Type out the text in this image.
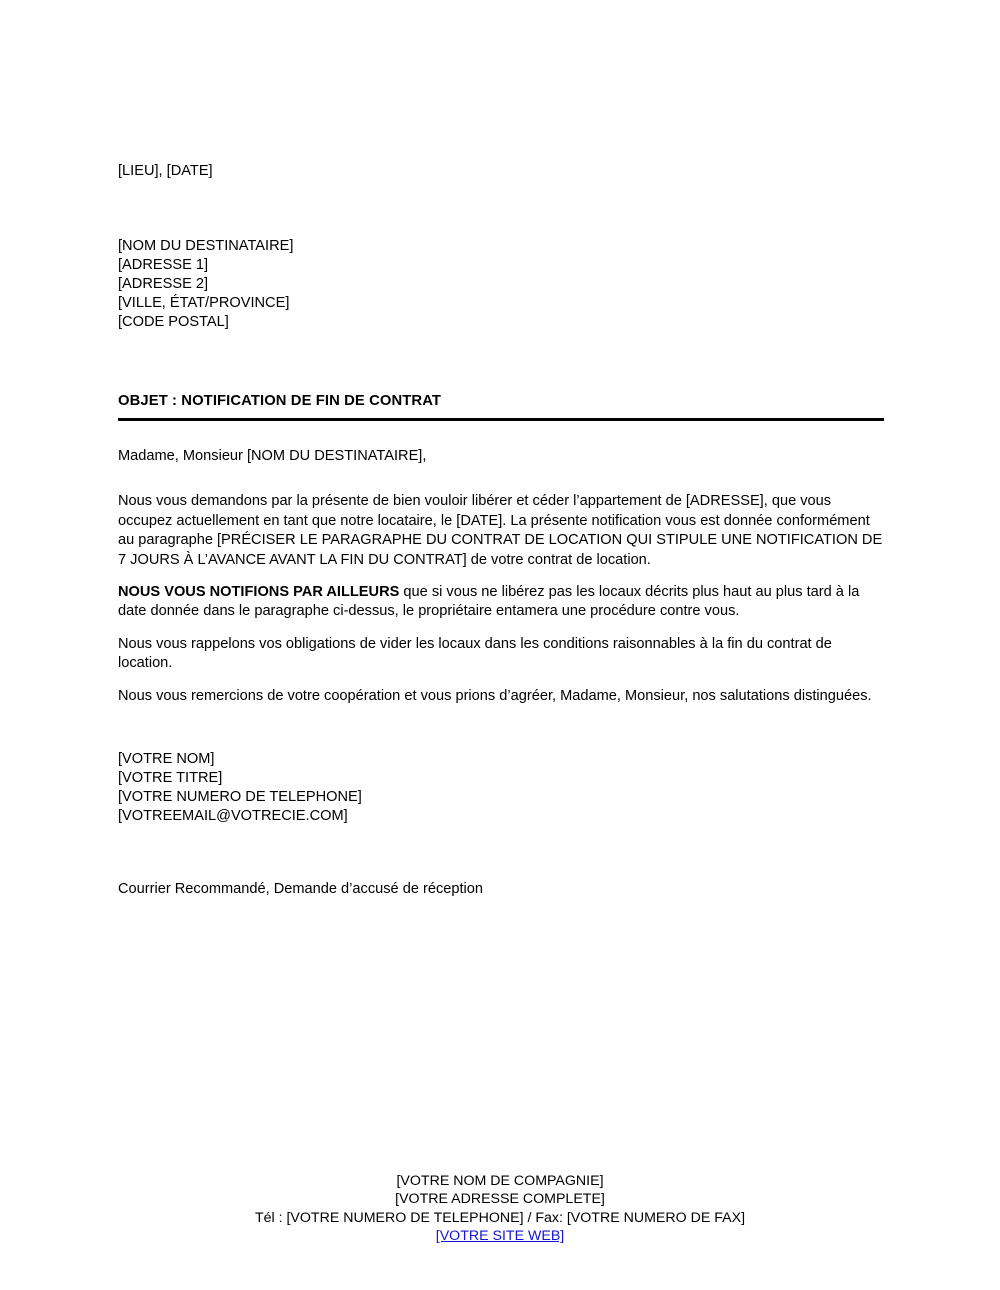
[LIEU], [DATE]
[NOM DU DESTINATAIRE]
[ADRESSE 1]
[ADRESSE 2]
[VILLE, ÉTAT/PROVINCE]
[CODE POSTAL]
OBJET : NOTIFICATION DE FIN DE CONTRAT
Madame, Monsieur [NOM DU DESTINATAIRE],

Nous vous demandons par la présente de bien vouloir libérer et céder l’appartement de [ADRESSE], que vous occupez actuellement en tant que notre locataire, le [DATE]. La présente notification vous est donnée conformément au paragraphe [PRÉCISER LE PARAGRAPHE DU CONTRAT DE LOCATION QUI STIPULE UNE NOTIFICATION DE 7 JOURS À L’AVANCE AVANT LA FIN DU CONTRAT] de votre contrat de location.

NOUS VOUS NOTIFIONS PAR AILLEURS que si vous ne libérez pas les locaux décrits plus haut au plus tard à la date donnée dans le paragraphe ci-dessus, le propriétaire entamera une procédure contre vous.

Nous vous rappelons vos obligations de vider les locaux dans les conditions raisonnables à la fin du contrat de location.

Nous vous remercions de votre coopération et vous prions d’agréer, Madame, Monsieur, nos salutations distinguées.

[VOTRE NOM]
[VOTRE TITRE]
[VOTRE NUMERO DE TELEPHONE]
[VOTREEMAIL@VOTRECIE.COM]
Courrier Recommandé, Demande d’accusé de réception
[VOTRE NOM DE COMPAGNIE]
[VOTRE ADRESSE COMPLETE]
Tél : [VOTRE NUMERO DE TELEPHONE] / Fax: [VOTRE NUMERO DE FAX]
[VOTRE SITE WEB]
